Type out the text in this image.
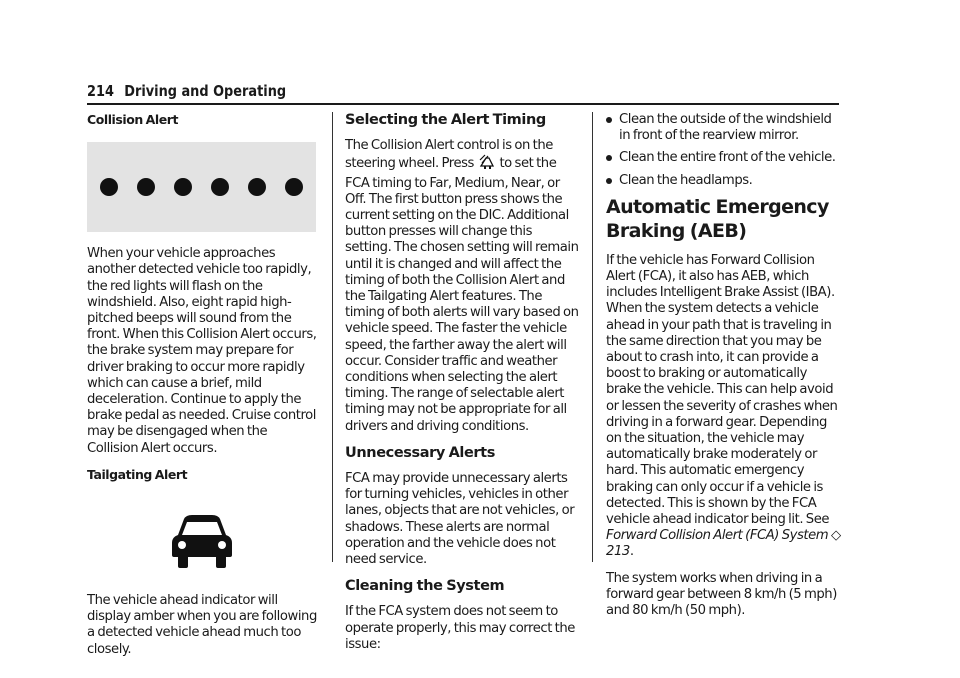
214 Driving and Operating

Collision Alert

When your vehicle approaches another detected vehicle too rapidly, the red lights will flash on the windshield. Also, eight rapid high-pitched beeps will sound from the front. When this Collision Alert occurs, the brake system may prepare for driver braking to occur more rapidly which can cause a brief, mild deceleration. Continue to apply the brake pedal as needed. Cruise control may be disengaged when the Collision Alert occurs.

Tailgating Alert

The vehicle ahead indicator will display amber when you are following a detected vehicle ahead much too closely.

Selecting the Alert Timing

The Collision Alert control is on the steering wheel. Press to set the FCA timing to Far, Medium, Near, or Off. The first button press shows the current setting on the DIC. Additional button presses will change this setting. The chosen setting will remain until it is changed and will affect the timing of both the Collision Alert and the Tailgating Alert features. The timing of both alerts will vary based on vehicle speed. The faster the vehicle speed, the farther away the alert will occur. Consider traffic and weather conditions when selecting the alert timing. The range of selectable alert timing may not be appropriate for all drivers and driving conditions.

Unnecessary Alerts

FCA may provide unnecessary alerts for turning vehicles, vehicles in other lanes, objects that are not vehicles, or shadows. These alerts are normal operation and the vehicle does not need service.

Cleaning the System

If the FCA system does not seem to operate properly, this may correct the issue:

Clean the outside of the windshield in front of the rearview mirror.
Clean the entire front of the vehicle.
Clean the headlamps.

Automatic Emergency
Braking (AEB)

If the vehicle has Forward Collision Alert (FCA), it also has AEB, which includes Intelligent Brake Assist (IBA). When the system detects a vehicle ahead in your path that is traveling in the same direction that you may be about to crash into, it can provide a boost to braking or automatically brake the vehicle. This can help avoid or lessen the severity of crashes when driving in a forward gear. Depending on the situation, the vehicle may automatically brake moderately or hard. This automatic emergency braking can only occur if a vehicle is detected. This is shown by the FCA vehicle ahead indicator being lit. See Forward Collision Alert (FCA) System ◇ 213.

The system works when driving in a forward gear between 8 km/h (5 mph) and 80 km/h (50 mph).
